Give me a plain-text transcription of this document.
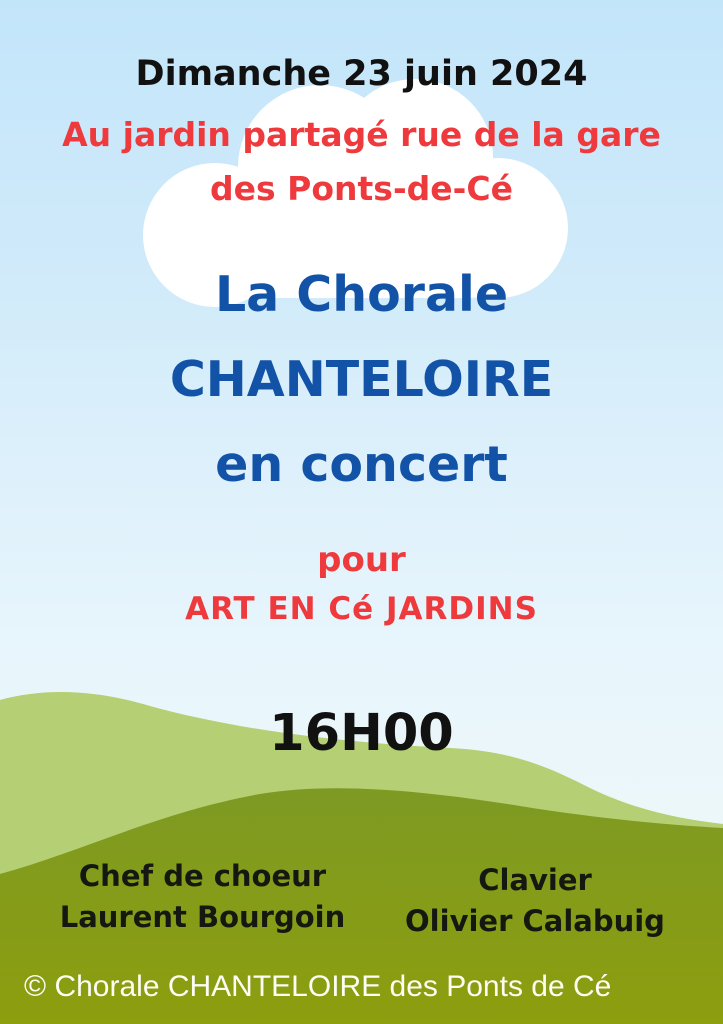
Dimanche 23 juin 2024
Au jardin partagé rue de la gare
des Ponts-de-Cé
La Chorale
CHANTELOIRE
en concert
pour
ART EN Cé JARDINS
16H00
Chef de choeur
Laurent Bourgoin
Clavier
Olivier Calabuig
© Chorale CHANTELOIRE des Ponts de Cé
